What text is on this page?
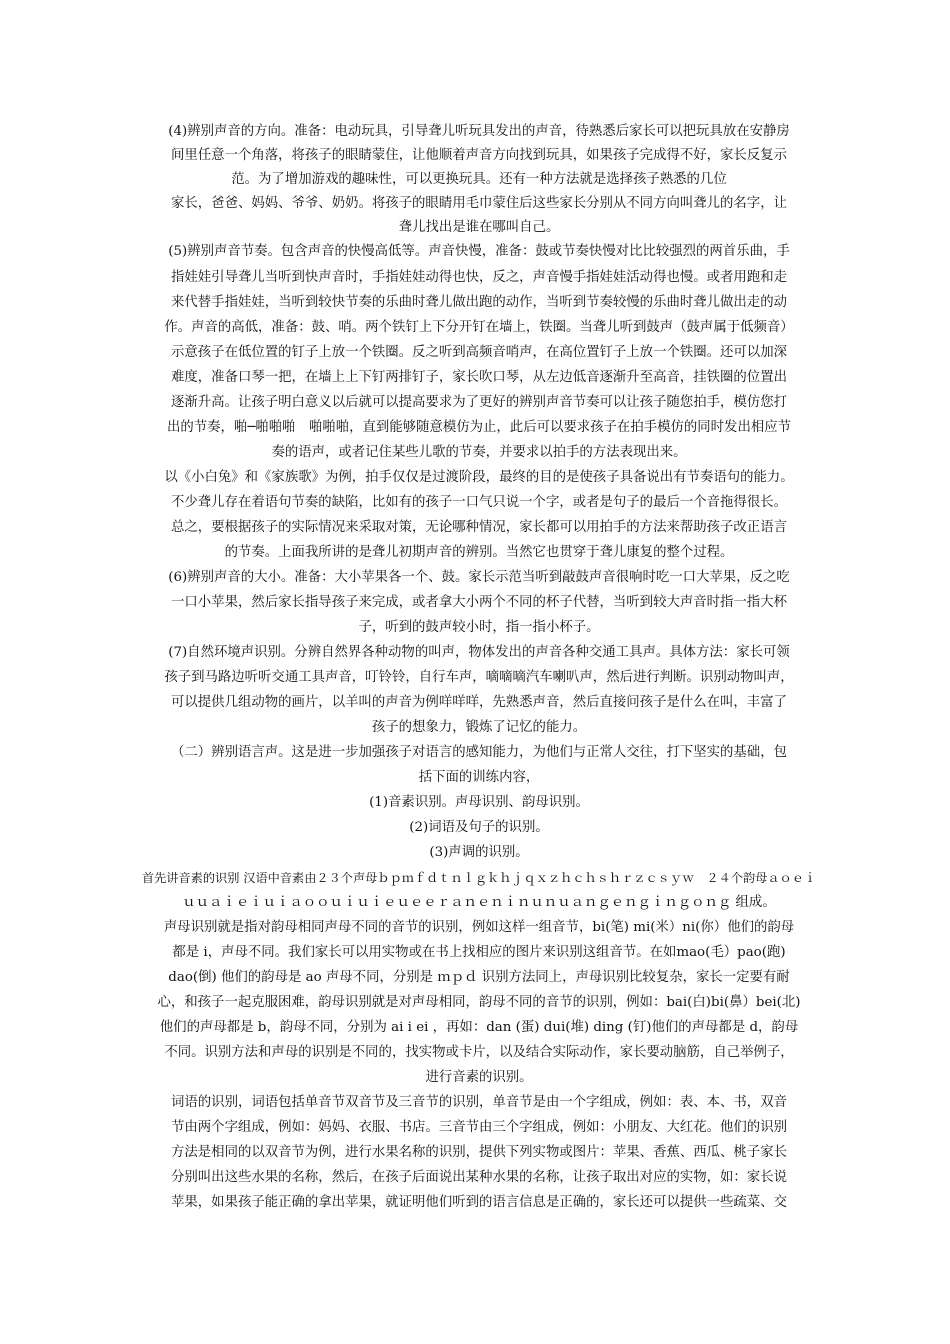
(4)辨别声音的方向。准备：电动玩具，引导聋儿听玩具发出的声音，待熟悉后家长可以把玩具放在安静房
间里任意一个角落，将孩子的眼睛蒙住，让他顺着声音方向找到玩具，如果孩子完成得不好，家长反复示
范。为了增加游戏的趣味性，可以更换玩具。还有一种方法就是选择孩子熟悉的几位
家长，爸爸、妈妈、爷爷、奶奶。将孩子的眼睛用毛巾蒙住后这些家长分别从不同方向叫聋儿的名字，让
聋儿找出是谁在哪叫自己。
(5)辨别声音节奏。包含声音的快慢高低等。声音快慢，准备：鼓或节奏快慢对比比较强烈的两首乐曲，手
指娃娃引导聋儿当听到快声音时，手指娃娃动得也快，反之，声音慢手指娃娃活动得也慢。或者用跑和走
来代替手指娃娃，当听到较快节奏的乐曲时聋儿做出跑的动作，当听到节奏较慢的乐曲时聋儿做出走的动
作。声音的高低，准备：鼓、哨。两个铁钉上下分开钉在墙上，铁圈。当聋儿听到鼓声（鼓声属于低频音）
示意孩子在低位置的钉子上放一个铁圈。反之听到高频音哨声，在高位置钉子上放一个铁圈。还可以加深
难度，准备口琴一把，在墙上上下钉两排钉子，家长吹口琴，从左边低音逐渐升至高音，挂铁圈的位置出
逐渐升高。让孩子明白意义以后就可以提高要求为了更好的辨别声音节奏可以让孩子随您拍手，模仿您打
出的节奏，啪─啪啪啪　啪啪啪，直到能够随意模仿为止，此后可以要求孩子在拍手模仿的同时发出相应节
奏的语声，或者记住某些儿歌的节奏，并要求以拍手的方法表现出来。
以《小白兔》和《家族歌》为例，拍手仅仅是过渡阶段，最终的目的是使孩子具备说出有节奏语句的能力。
不少聋儿存在着语句节奏的缺陷，比如有的孩子一口气只说一个字，或者是句子的最后一个音拖得很长。
总之，要根据孩子的实际情况来采取对策，无论哪种情况，家长都可以用拍手的方法来帮助孩子改正语言
的节奏。上面我所讲的是聋儿初期声音的辨别。当然它也贯穿于聋儿康复的整个过程。
(6)辨别声音的大小。准备：大小苹果各一个、鼓。家长示范当听到敲鼓声音很响时吃一口大苹果，反之吃
一口小苹果，然后家长指导孩子来完成，或者拿大小两个不同的杯子代替，当听到较大声音时指一指大杯
子，听到的鼓声较小时，指一指小杯子。
(7)自然环境声识别。分辨自然界各种动物的叫声，物体发出的声音各种交通工具声。具体方法：家长可领
孩子到马路边听听交通工具声音，叮铃铃，自行车声，嘀嘀嘀汽车喇叭声，然后进行判断。识别动物叫声，
可以提供几组动物的画片，以羊叫的声音为例咩咩咩，先熟悉声音，然后直接问孩子是什么在叫，丰富了
孩子的想象力，锻炼了记忆的能力。
（二）辨别语言声。这是进一步加强孩子对语言的感知能力，为他们与正常人交往，打下坚实的基础，包
括下面的训练内容，
(1)音素识别。声母识别、韵母识别。
(2)词语及句子的识别。
(3)声调的识别。
首先讲音素的识别 汉语中音素由２３个声母ｂｐｍｆｄｔｎｌｇｋｈｊｑｘｚｈｃｈｓｈｒｚｃｓｙｗ　２４个韵母ａｏｅｉ
ｕｕａｉｅｉｕｉａｏｏｕｉｕｉｅｕｅｅｒａｎｅｎｉｎｕｎｕａｎｇｅｎｇｉｎｇｏｎｇ 组成。
声母识别就是指对韵母相同声母不同的音节的识别，例如这样一组音节，bi(笔) mi(米）ni(你）他们的韵母
都是 i，声母不同。我们家长可以用实物或在书上找相应的图片来识别这组音节。在如mao(毛）pao(跑)
dao(倒) 他们的韵母是 ao 声母不同，分别是 ｍｐｄ 识别方法同上，声母识别比较复杂，家长一定要有耐
心，和孩子一起克服困难，韵母识别就是对声母相同，韵母不同的音节的识别，例如：bai(白)bi(鼻）bei(北)
他们的声母都是 b，韵母不同，分别为 ai i ei ，再如：dan (蛋) dui(堆) ding (钉)他们的声母都是 d，韵母
不同。识别方法和声母的识别是不同的，找实物或卡片，以及结合实际动作，家长要动脑筋，自己举例子，
进行音素的识别。
词语的识别，词语包括单音节双音节及三音节的识别，单音节是由一个字组成，例如：表、本、书，双音
节由两个字组成，例如：妈妈、衣服、书店。三音节由三个字组成，例如：小朋友、大红花。他们的识别
方法是相同的以双音节为例，进行水果名称的识别，提供下列实物或图片：苹果、香蕉、西瓜、桃子家长
分别叫出这些水果的名称，然后，在孩子后面说出某种水果的名称，让孩子取出对应的实物，如：家长说
苹果，如果孩子能正确的拿出苹果，就证明他们听到的语言信息是正确的，家长还可以提供一些疏菜、交
